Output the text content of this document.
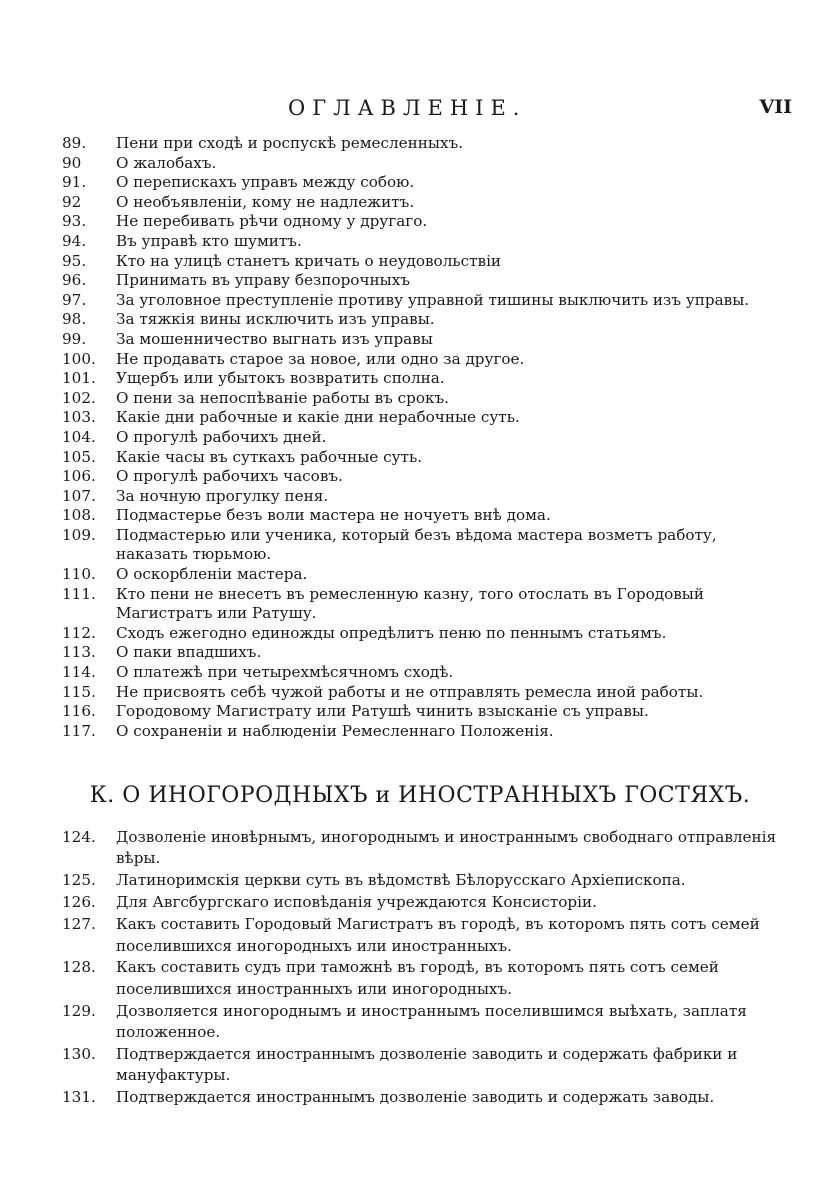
ОГЛАВЛЕНІЕ.	VII
89.	Пени при сходѣ и роспускѣ ремесленныхъ.
90	О жалобахъ.
91.	О перепискахъ управъ между собою.
92	О необъявленіи, кому не надлежитъ.
93.	Не перебивать рѣчи одному у другаго.
94.	Въ управѣ кто шумитъ.
95.	Кто на улицѣ станетъ кричать о неудовольствіи
96.	Принимать въ управу безпорочныхъ
97.	За уголовное преступленіе противу управной тишины выключить изъ управы.
98.	За тяжкія вины исключить изъ управы.
99.	За мошенничество выгнать изъ управы
100.	Не продавать старое за новое, или одно за другое.
101.	Ущербъ или убытокъ возвратить сполна.
102.	О пени за непоспѣваніе работы въ срокъ.
103.	Какіе дни рабочные и какіе дни нерабочные суть.
104.	О прогулѣ рабочихъ дней.
105.	Какіе часы въ суткахъ рабочные суть.
106.	О прогулѣ рабочихъ часовъ.
107.	За ночную прогулку пеня.
108.	Подмастерье безъ воли мастера не ночуетъ внѣ дома.
109.	Подмастерью или ученика, который безъ вѣдома мастера возметъ работу, наказать тюрьмою.
110.	О оскорбленіи мастера.
111.	Кто пени не внесетъ въ ремесленную казну, того отослать въ Городовый Магистратъ или Ратушу.
112.	Сходъ ежегодно единожды опредѣлитъ пеню по пеннымъ статьямъ.
113.	О паки впадшихъ.
114.	О платежѣ при четырехмѣсячномъ сходѣ.
115.	Не присвоять себѣ чужой работы и не отправлять ремесла иной работы.
116.	Городовому Магистрату или Ратушѣ чинить взысканіе съ управы.
117.	О сохраненіи и наблюденіи Ремесленнаго Положенія.
К. О ИНОГОРОДНЫХЪ и ИНОСТРАННЫХЪ ГОСТЯХЪ.
124.	Дозволеніе иновѣрнымъ, иногороднымъ и иностраннымъ свободнаго отправленія вѣры.
125.	Латиноримскія церкви суть въ вѣдомствѣ Бѣлорусскаго Архіепископа.
126.	Для Авгсбургскаго исповѣданія учреждаются Консисторіи.
127.	Какъ составить Городовый Магистратъ въ городѣ, въ которомъ пять сотъ семей поселившихся иногородныхъ или иностранныхъ.
128.	Какъ составить судъ при таможнѣ въ городѣ, въ которомъ пять сотъ семей поселившихся иностранныхъ или иногородныхъ.
129.	Дозволяется иногороднымъ и иностраннымъ поселившимся выѣхать, заплатя положенное.
130.	Подтверждается иностраннымъ дозволеніе заводить и содержать фабрики и мануфактуры.
131.	Подтверждается иностраннымъ дозволеніе заводить и содержать заводы.
